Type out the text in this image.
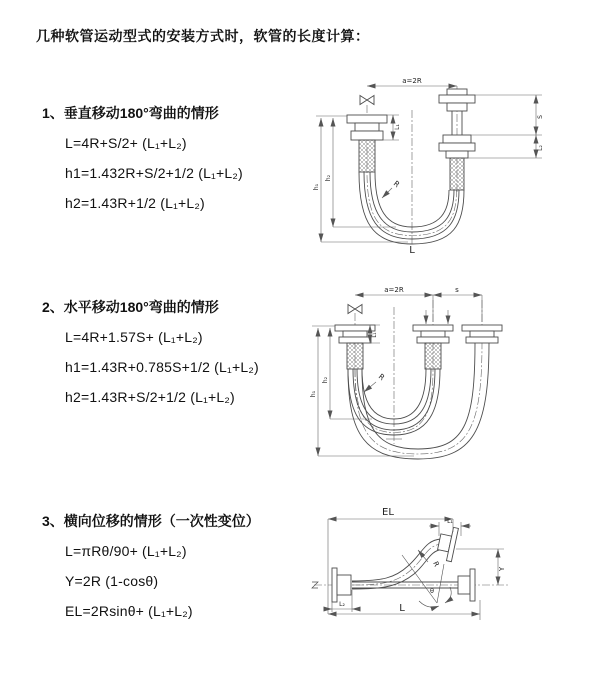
几种软管运动型式的安装方式时，软管的长度计算：
1、垂直移动180°弯曲的情形
L=4R+S/2+ (L₁+L₂)
h1=1.432R+S/2+1/2 (L₁+L₂)
h2=1.43R+1/2 (L₁+L₂)
2、水平移动180°弯曲的情形
L=4R+1.57S+ (L₁+L₂)
h1=1.43R+0.785S+1/2 (L₁+L₂)
h2=1.43R+S/2+1/2 (L₁+L₂)
3、横向位移的情形（一次性变位）
L=πRθ/90+ (L₁+L₂)
Y=2R (1-cosθ)
EL=2Rsinθ+ (L₁+L₂)
a=2R
h₁
h₂
L₁
S
L₂
R
L
a=2R	s
h₁
h₂
L₁
R
EL
L₁
Y
R
θ
L
L₂
